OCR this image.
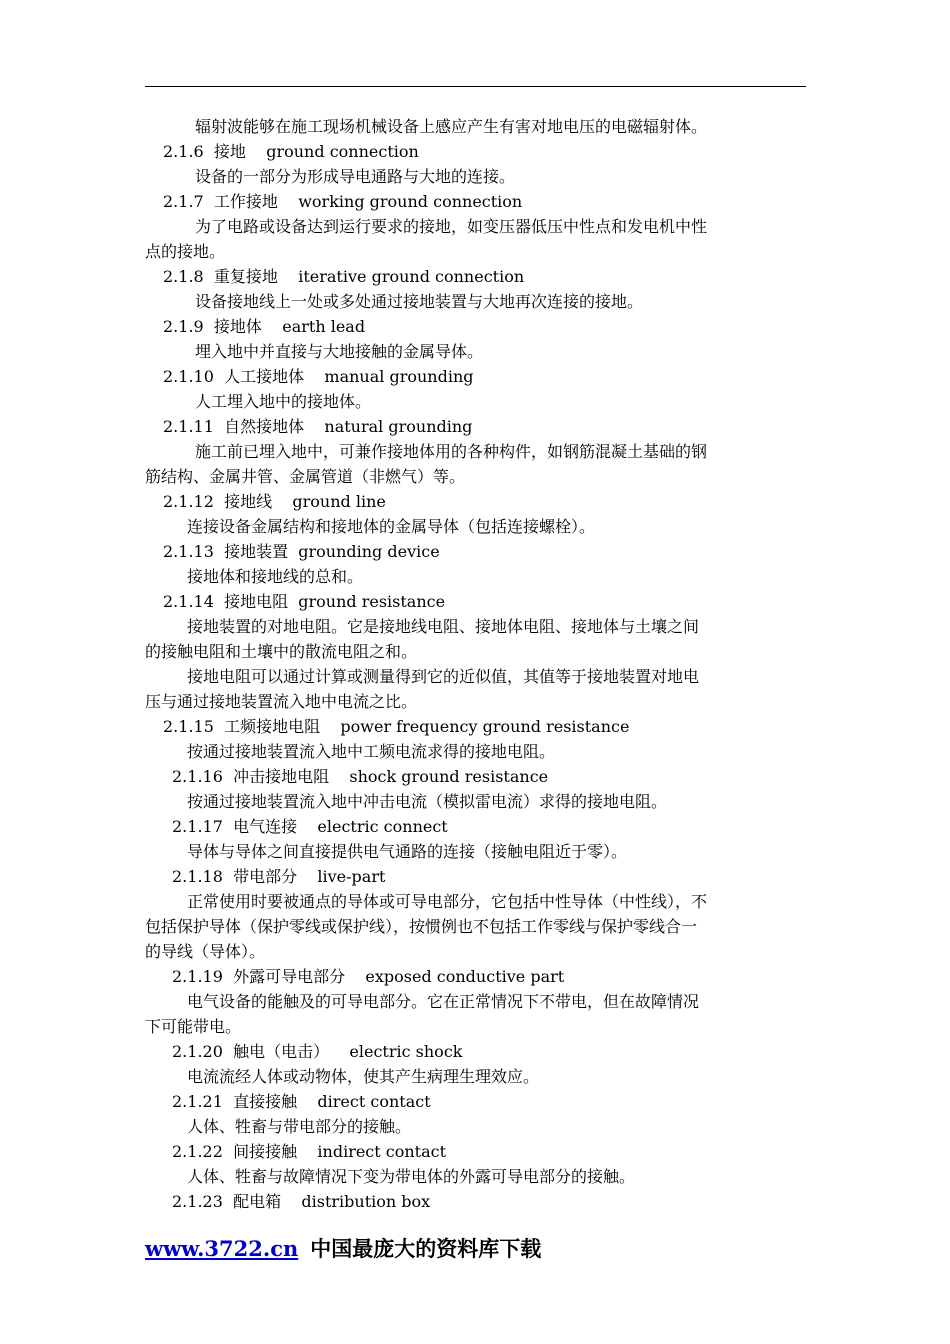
辐射波能够在施工现场机械设备上感应产生有害对地电压的电磁辐射体。
2.1.6  接地    ground connection
设备的一部分为形成导电通路与大地的连接。
2.1.7  工作接地    working ground connection
为了电路或设备达到运行要求的接地，如变压器低压中性点和发电机中性
点的接地。
2.1.8  重复接地    iterative ground connection
设备接地线上一处或多处通过接地装置与大地再次连接的接地。
2.1.9  接地体    earth lead
埋入地中并直接与大地接触的金属导体。
2.1.10  人工接地体    manual grounding
人工埋入地中的接地体。
2.1.11  自然接地体    natural grounding
施工前已埋入地中，可兼作接地体用的各种构件，如钢筋混凝土基础的钢
筋结构、金属井管、金属管道（非燃气）等。
2.1.12  接地线    ground line
连接设备金属结构和接地体的金属导体（包括连接螺栓）。
2.1.13  接地装置  grounding device
接地体和接地线的总和。
2.1.14  接地电阻  ground resistance
接地装置的对地电阻。它是接地线电阻、接地体电阻、接地体与土壤之间
的接触电阻和土壤中的散流电阻之和。
接地电阻可以通过计算或测量得到它的近似值，其值等于接地装置对地电
压与通过接地装置流入地中电流之比。
2.1.15  工频接地电阻    power frequency ground resistance
按通过接地装置流入地中工频电流求得的接地电阻。
2.1.16  冲击接地电阻    shock ground resistance
按通过接地装置流入地中冲击电流（模拟雷电流）求得的接地电阻。
2.1.17  电气连接    electric connect
导体与导体之间直接提供电气通路的连接（接触电阻近于零）。
2.1.18  带电部分    live-part
正常使用时要被通点的导体或可导电部分，它包括中性导体（中性线），不
包括保护导体（保护零线或保护线），按惯例也不包括工作零线与保护零线合一
的导线（导体）。
2.1.19  外露可导电部分    exposed conductive part
电气设备的能触及的可导电部分。它在正常情况下不带电，但在故障情况
下可能带电。
2.1.20  触电（电击）    electric shock
电流流经人体或动物体，使其产生病理生理效应。
2.1.21  直接接触    direct contact
人体、牲畜与带电部分的接触。
2.1.22  间接接触    indirect contact
人体、牲畜与故障情况下变为带电体的外露可导电部分的接触。
2.1.23  配电箱    distribution box
www.3722.cn 中国最庞大的资料库下载
